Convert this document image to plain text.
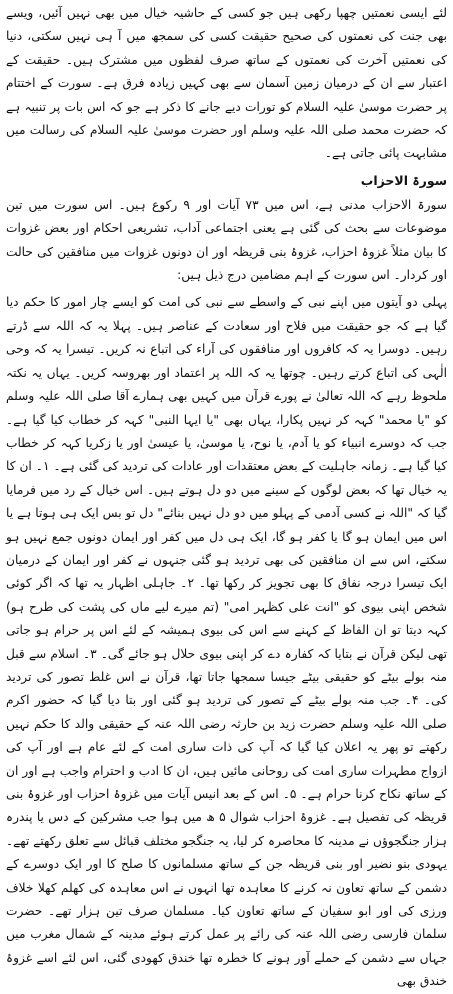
لئے ایسی نعمتیں چھپا رکھی ہیں جو کسی کے حاشیہ خیال میں بھی نہیں آئیں، ویسے بھی جنت کی نعمتوں کی صحیح حقیقت کسی کی سمجھ میں آ ہی نہیں سکتی، دنیا کی نعمتیں آخرت کی نعمتوں کے ساتھ صرف لفظوں میں مشترک ہیں۔ حقیقت کے اعتبار سے ان کے درمیان زمین آسمان سے بھی کہیں زیادہ فرق ہے۔ سورت کے اختتام پر حضرت موسیٰ علیہ السلام کو تورات دیے جانے کا ذکر ہے جو کہ اس بات پر تنبیہ ہے کہ حضرت محمد صلی اللہ علیہ وسلم اور حضرت موسیٰ علیہ السلام کی رسالت میں مشابہت پائی جاتی ہے۔

سورۃ الاحزاب

سورۃ الاحزاب مدنی ہے، اس میں ۷۳ آیات اور ۹ رکوع ہیں۔ اس سورت میں تین موضوعات سے بحث کی گئی ہے یعنی اجتماعی آداب، تشریعی احکام اور بعض غزوات کا بیان مثلاً غزوۂ احزاب، غزوۂ بنی قریظہ اور ان دونوں غزوات میں منافقین کی حالت اور کردار۔ اس سورت کے اہم مضامین درج ذیل ہیں:

پہلی دو آیتوں میں اپنے نبی کے واسطے سے نبی کی امت کو ایسے چار امور کا حکم دیا گیا ہے کہ جو حقیقت میں فلاح اور سعادت کے عناصر ہیں۔ پہلا یہ کہ اللہ سے ڈرتے رہیں۔ دوسرا یہ کہ کافروں اور منافقوں کی آراء کی اتباع نہ کریں۔ تیسرا یہ کہ وحی الٰہی کی اتباع کرتے رہیں۔ چوتھا یہ کہ اللہ پر اعتماد اور بھروسہ کریں۔ یہاں یہ نکتہ ملحوظ رہے کہ اللہ تعالیٰ نے پورے قرآن میں کہیں بھی ہمارے آقا صلی اللہ علیہ وسلم کو "یا محمد" کہہ کر نہیں پکارا، یہاں بھی "یا ایہا النبی" کہہ کر خطاب کیا گیا ہے۔ جب کہ دوسرے انبیاء کو یا آدم، یا نوح، یا موسیٰ، یا عیسیٰ اور یا زکریا کہہ کر خطاب کیا گیا ہے۔ زمانہ جاہلیت کے بعض معتقدات اور عادات کی تردید کی گئی ہے۔ ۱۔ ان کا یہ خیال تھا کہ بعض لوگوں کے سینے میں دو دل ہوتے ہیں۔ اس خیال کے رد میں فرمایا گیا کہ "اللہ نے کسی آدمی کے پہلو میں دو دل نہیں بنائے" دل تو بس ایک ہی ہوتا ہے یا اس میں ایمان ہو گا یا کفر ہو گا، ایک ہی دل میں کفر اور ایمان دونوں جمع نہیں ہو سکتے، اس سے ان منافقین کی بھی تردید ہو گئی جنہوں نے کفر اور ایمان کے درمیان ایک تیسرا درجہ نفاق کا بھی تجویز کر رکھا تھا۔ ۲۔ جاہلی اظہار یہ تھا کہ اگر کوئی شخص اپنی بیوی کو "انت علی کظہر امی" (تم میرے لیے ماں کی پشت کی طرح ہو) کہہ دیتا تو ان الفاظ کے کہنے سے اس کی بیوی ہمیشہ کے لئے اس پر حرام ہو جاتی تھی لیکن قرآن نے بتایا کہ کفارہ دے کر اپنی بیوی حلال ہو جائے گی۔ ۳۔ اسلام سے قبل منہ بولے بیٹے کو حقیقی بیٹے جیسا سمجھا جاتا تھا، قرآن نے اس غلط تصور کی تردید کی۔ ۴۔ جب منہ بولے بیٹے کے تصور کی تردید ہو گئی اور بتا دیا گیا کہ حضور اکرم صلی اللہ علیہ وسلم حضرت زید بن حارثہ رضی اللہ عنہ کے حقیقی والد کا حکم نہیں رکھتے تو پھر یہ اعلان کیا گیا کہ آپ کی ذات ساری امت کے لئے عام ہے اور آپ کی ازواج مطہرات ساری امت کی روحانی مائیں ہیں، ان کا ادب و احترام واجب ہے اور ان کے ساتھ نکاح کرنا حرام ہے۔ ۵۔ اس کے بعد انیس آیات میں غزوۂ احزاب اور غزوۂ بنی قریظہ کی تفصیل ہے۔ غزوۂ احزاب شوال ۵ ھ میں ہوا جب مشرکین کے دس یا پندرہ ہزار جنگجوؤں نے مدینہ کا محاصرہ کر لیا، یہ جنگجو مختلف قبائل سے تعلق رکھتے تھے۔ یہودی بنو نضیر اور بنی قریظہ جن کے ساتھ مسلمانوں کا صلح کا اور ایک دوسرے کے دشمن کے ساتھ تعاون نہ کرنے کا معاہدہ تھا انہوں نے اس معاہدہ کی کھلم کھلا خلاف ورزی کی اور ابو سفیان کے ساتھ تعاون کیا۔ مسلمان صرف تین ہزار تھے۔ حضرت سلمان فارسی رضی اللہ عنہ کی رائے پر عمل کرتے ہوئے مدینہ کے شمال مغرب میں جہاں سے دشمن کے حملے آور ہونے کا خطرہ تھا خندق کھودی گئی، اس لئے اسے غزوۂ خندق بھی
